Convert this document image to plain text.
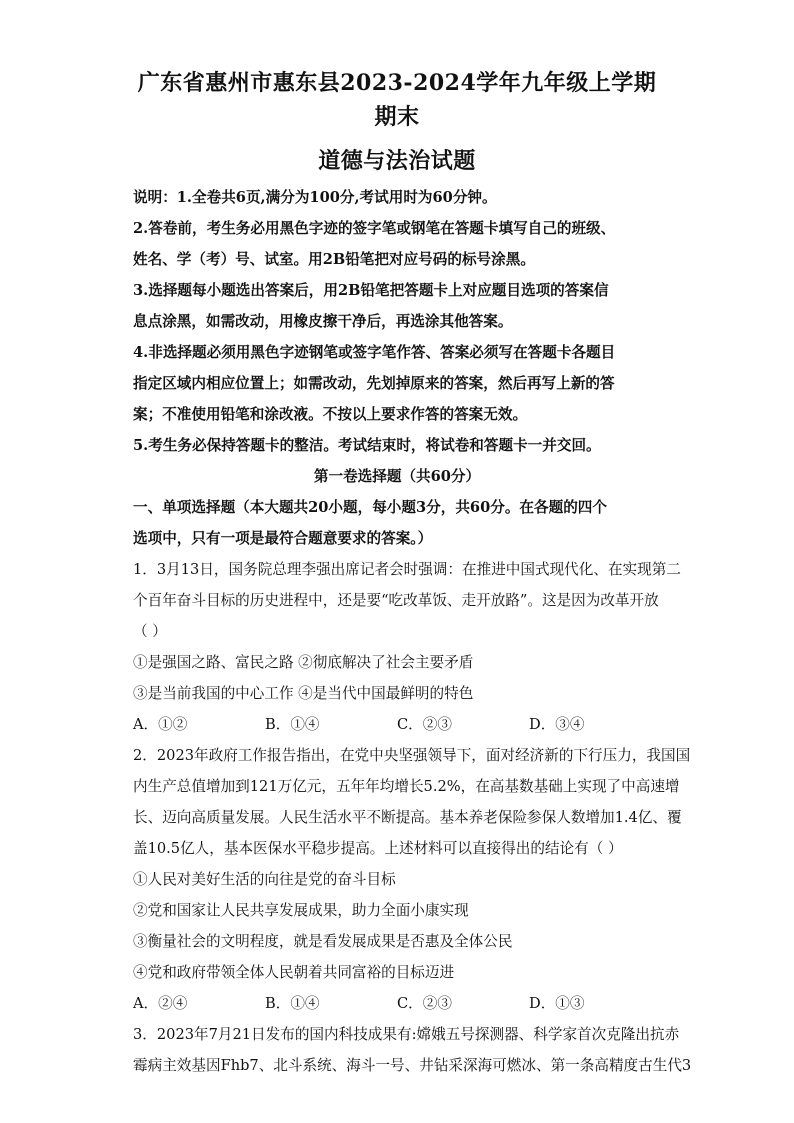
广东省惠州市惠东县2023-2024学年九年级上学期期末
道德与法治试题

说明：1.全卷共6页,满分为100分,考试用时为60分钟。

2.答卷前，考生务必用黑色字迹的签字笔或钢笔在答题卡填写自己的班级、

姓名、学（考）号、试室。用2B铅笔把对应号码的标号涂黑。

3.选择题每小题选出答案后，用2B铅笔把答题卡上对应题目选项的答案信

息点涂黑，如需改动，用橡皮擦干净后，再选涂其他答案。

4.非选择题必须用黑色字迹钢笔或签字笔作答、答案必须写在答题卡各题目

指定区域内相应位置上；如需改动，先划掉原来的答案，然后再写上新的答

案；不准使用铅笔和涂改液。不按以上要求作答的答案无效。

5.考生务必保持答题卡的整洁。考试结束时，将试卷和答题卡一并交回。

第一卷选择题（共60分）

一、单项选择题（本大题共20小题，每小题3分，共60分。在各题的四个

选项中，只有一项是最符合题意要求的答案。）

1．3月13日，国务院总理李强出席记者会时强调：在推进中国式现代化、在实现第二

个百年奋斗目标的历史进程中，还是要“吃改革饭、走开放路”。这是因为改革开放

（ ）

①是强国之路、富民之路 ②彻底解决了社会主要矛盾

③是当前我国的中心工作 ④是当代中国最鲜明的特色

A．①②	B．①④	C．②③	D．③④

2．2023年政府工作报告指出，在党中央坚强领导下，面对经济新的下行压力，我国国

内生产总值增加到121万亿元，五年年均增长5.2%，在高基数基础上实现了中高速增

长、迈向高质量发展。人民生活水平不断提高。基本养老保险参保人数增加1.4亿、覆

盖10.5亿人，基本医保水平稳步提高。上述材料可以直接得出的结论有（ ）

①人民对美好生活的向往是党的奋斗目标

②党和国家让人民共享发展成果，助力全面小康实现

③衡量社会的文明程度，就是看发展成果是否惠及全体公民

④党和政府带领全体人民朝着共同富裕的目标迈进

A．②④	B．①④	C．②③	D．①③

3．2023年7月21日发布的国内科技成果有:嫦娥五号探测器、科学家首次克隆出抗赤

霉病主效基因Fhb7、北斗系统、海斗一号、井钻采深海可燃冰、第一条高精度古生代3
